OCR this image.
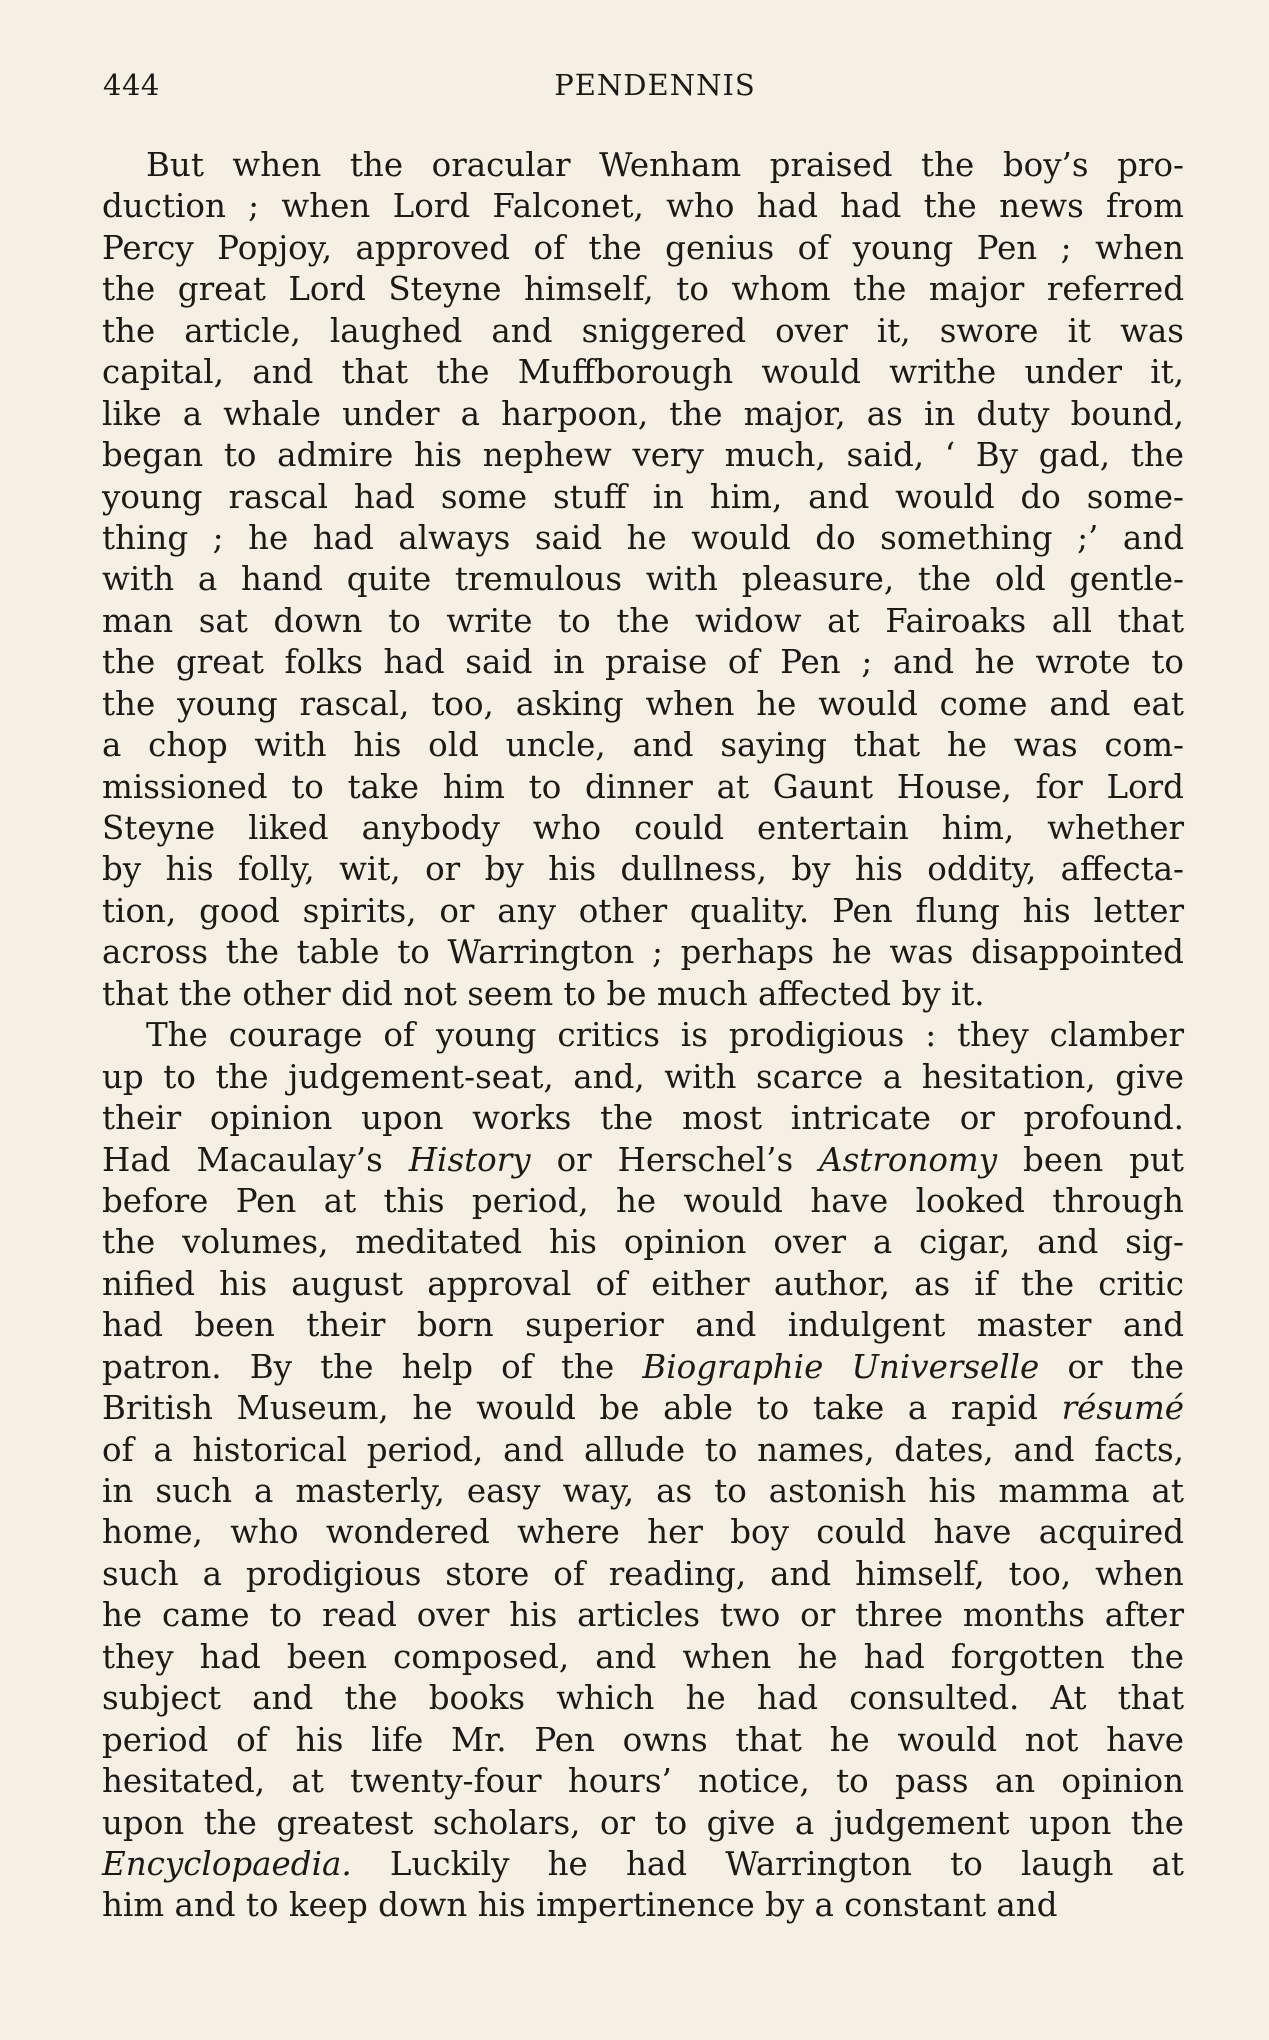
444	PENDENNIS
But when the oracular Wenham praised the boy’s pro-
duction ; when Lord Falconet, who had had the news from
Percy Popjoy, approved of the genius of young Pen ; when
the great Lord Steyne himself, to whom the major referred
the article, laughed and sniggered over it, swore it was
capital, and that the Muffborough would writhe under it,
like a whale under a harpoon, the major, as in duty bound,
began to admire his nephew very much, said, ‘ By gad, the
young rascal had some stuff in him, and would do some-
thing ; he had always said he would do something ;’ and
with a hand quite tremulous with pleasure, the old gentle-
man sat down to write to the widow at Fairoaks all that
the great folks had said in praise of Pen ; and he wrote to
the young rascal, too, asking when he would come and eat
a chop with his old uncle, and saying that he was com-
missioned to take him to dinner at Gaunt House, for Lord
Steyne liked anybody who could entertain him, whether
by his folly, wit, or by his dullness, by his oddity, affecta-
tion, good spirits, or any other quality. Pen flung his letter
across the table to Warrington ; perhaps he was disappointed
that the other did not seem to be much affected by it.
The courage of young critics is prodigious : they clamber
up to the judgement-seat, and, with scarce a hesitation, give
their opinion upon works the most intricate or profound.
Had Macaulay’s History or Herschel’s Astronomy been put
before Pen at this period, he would have looked through
the volumes, meditated his opinion over a cigar, and sig-
nified his august approval of either author, as if the critic
had been their born superior and indulgent master and
patron. By the help of the Biographie Universelle or the
British Museum, he would be able to take a rapid résumé
of a historical period, and allude to names, dates, and facts,
in such a masterly, easy way, as to astonish his mamma at
home, who wondered where her boy could have acquired
such a prodigious store of reading, and himself, too, when
he came to read over his articles two or three months after
they had been composed, and when he had forgotten the
subject and the books which he had consulted. At that
period of his life Mr. Pen owns that he would not have
hesitated, at twenty-four hours’ notice, to pass an opinion
upon the greatest scholars, or to give a judgement upon the
Encyclopaedia. Luckily he had Warrington to laugh at
him and to keep down his impertinence by a constant and
